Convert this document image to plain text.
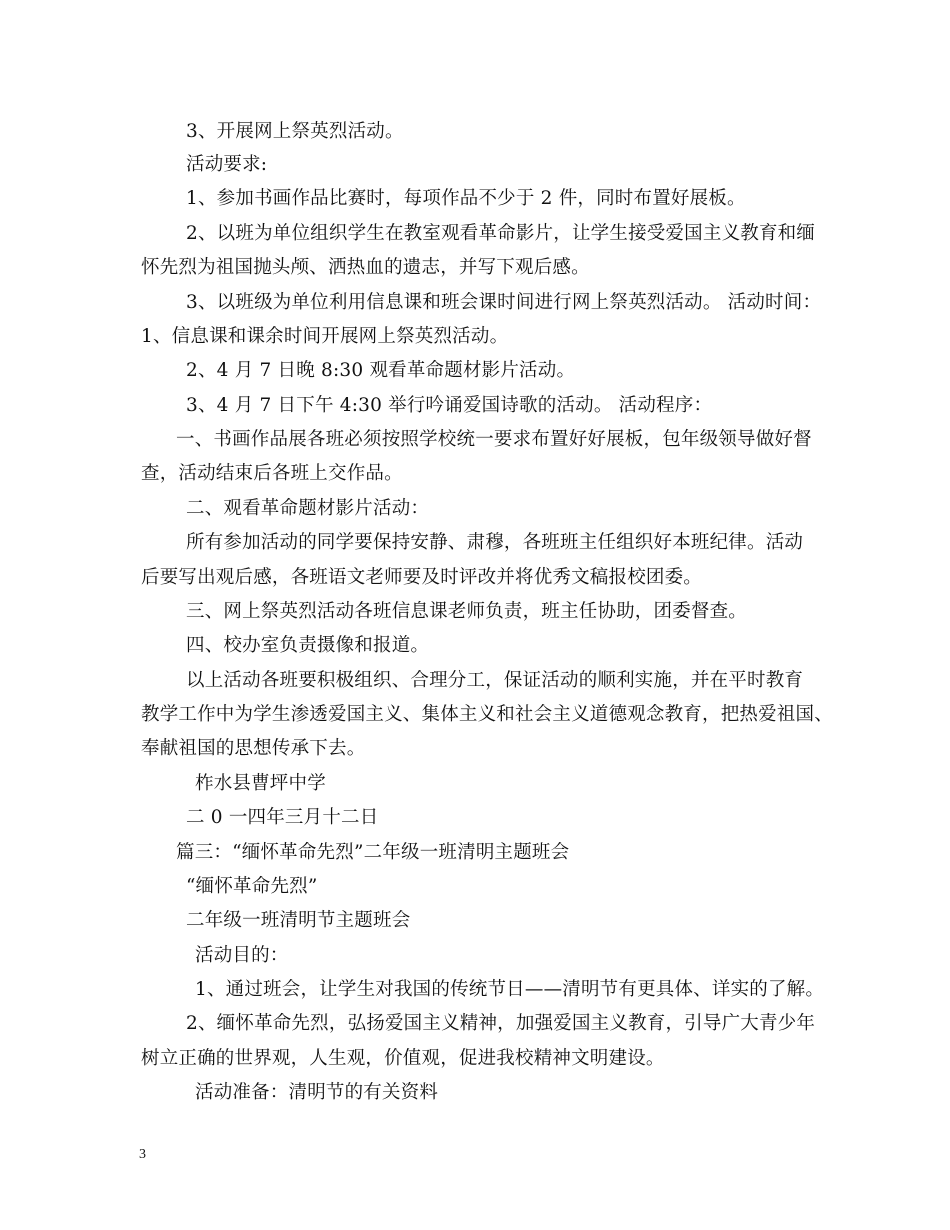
3、开展网上祭英烈活动。
活动要求:
1、参加书画作品比赛时，每项作品不少于 2 件，同时布置好展板。
2、以班为单位组织学生在教室观看革命影片，让学生接受爱国主义教育和缅
怀先烈为祖国抛头颅、洒热血的遗志，并写下观后感。
3、以班级为单位利用信息课和班会课时间进行网上祭英烈活动。 活动时间：
1、信息课和课余时间开展网上祭英烈活动。
2、4 月 7 日晚 8:30 观看革命题材影片活动。
3、4 月 7 日下午 4:30 举行吟诵爱国诗歌的活动。 活动程序：
一、书画作品展各班必须按照学校统一要求布置好好展板，包年级领导做好督
查，活动结束后各班上交作品。
二、观看革命题材影片活动：
所有参加活动的同学要保持安静、肃穆，各班班主任组织好本班纪律。活动
后要写出观后感，各班语文老师要及时评改并将优秀文稿报校团委。
三、网上祭英烈活动各班信息课老师负责，班主任协助，团委督查。
四、校办室负责摄像和报道。
以上活动各班要积极组织、合理分工，保证活动的顺利实施，并在平时教育
教学工作中为学生渗透爱国主义、集体主义和社会主义道德观念教育，把热爱祖国、
奉献祖国的思想传承下去。
柞水县曹坪中学
二 0 一四年三月十二日
篇三：“缅怀革命先烈”二年级一班清明主题班会
“缅怀革命先烈”
二年级一班清明节主题班会
活动目的：
1、通过班会，让学生对我国的传统节日——清明节有更具体、详实的了解。
2、缅怀革命先烈，弘扬爱国主义精神，加强爱国主义教育，引导广大青少年
树立正确的世界观，人生观，价值观，促进我校精神文明建设。
活动准备：清明节的有关资料
3
